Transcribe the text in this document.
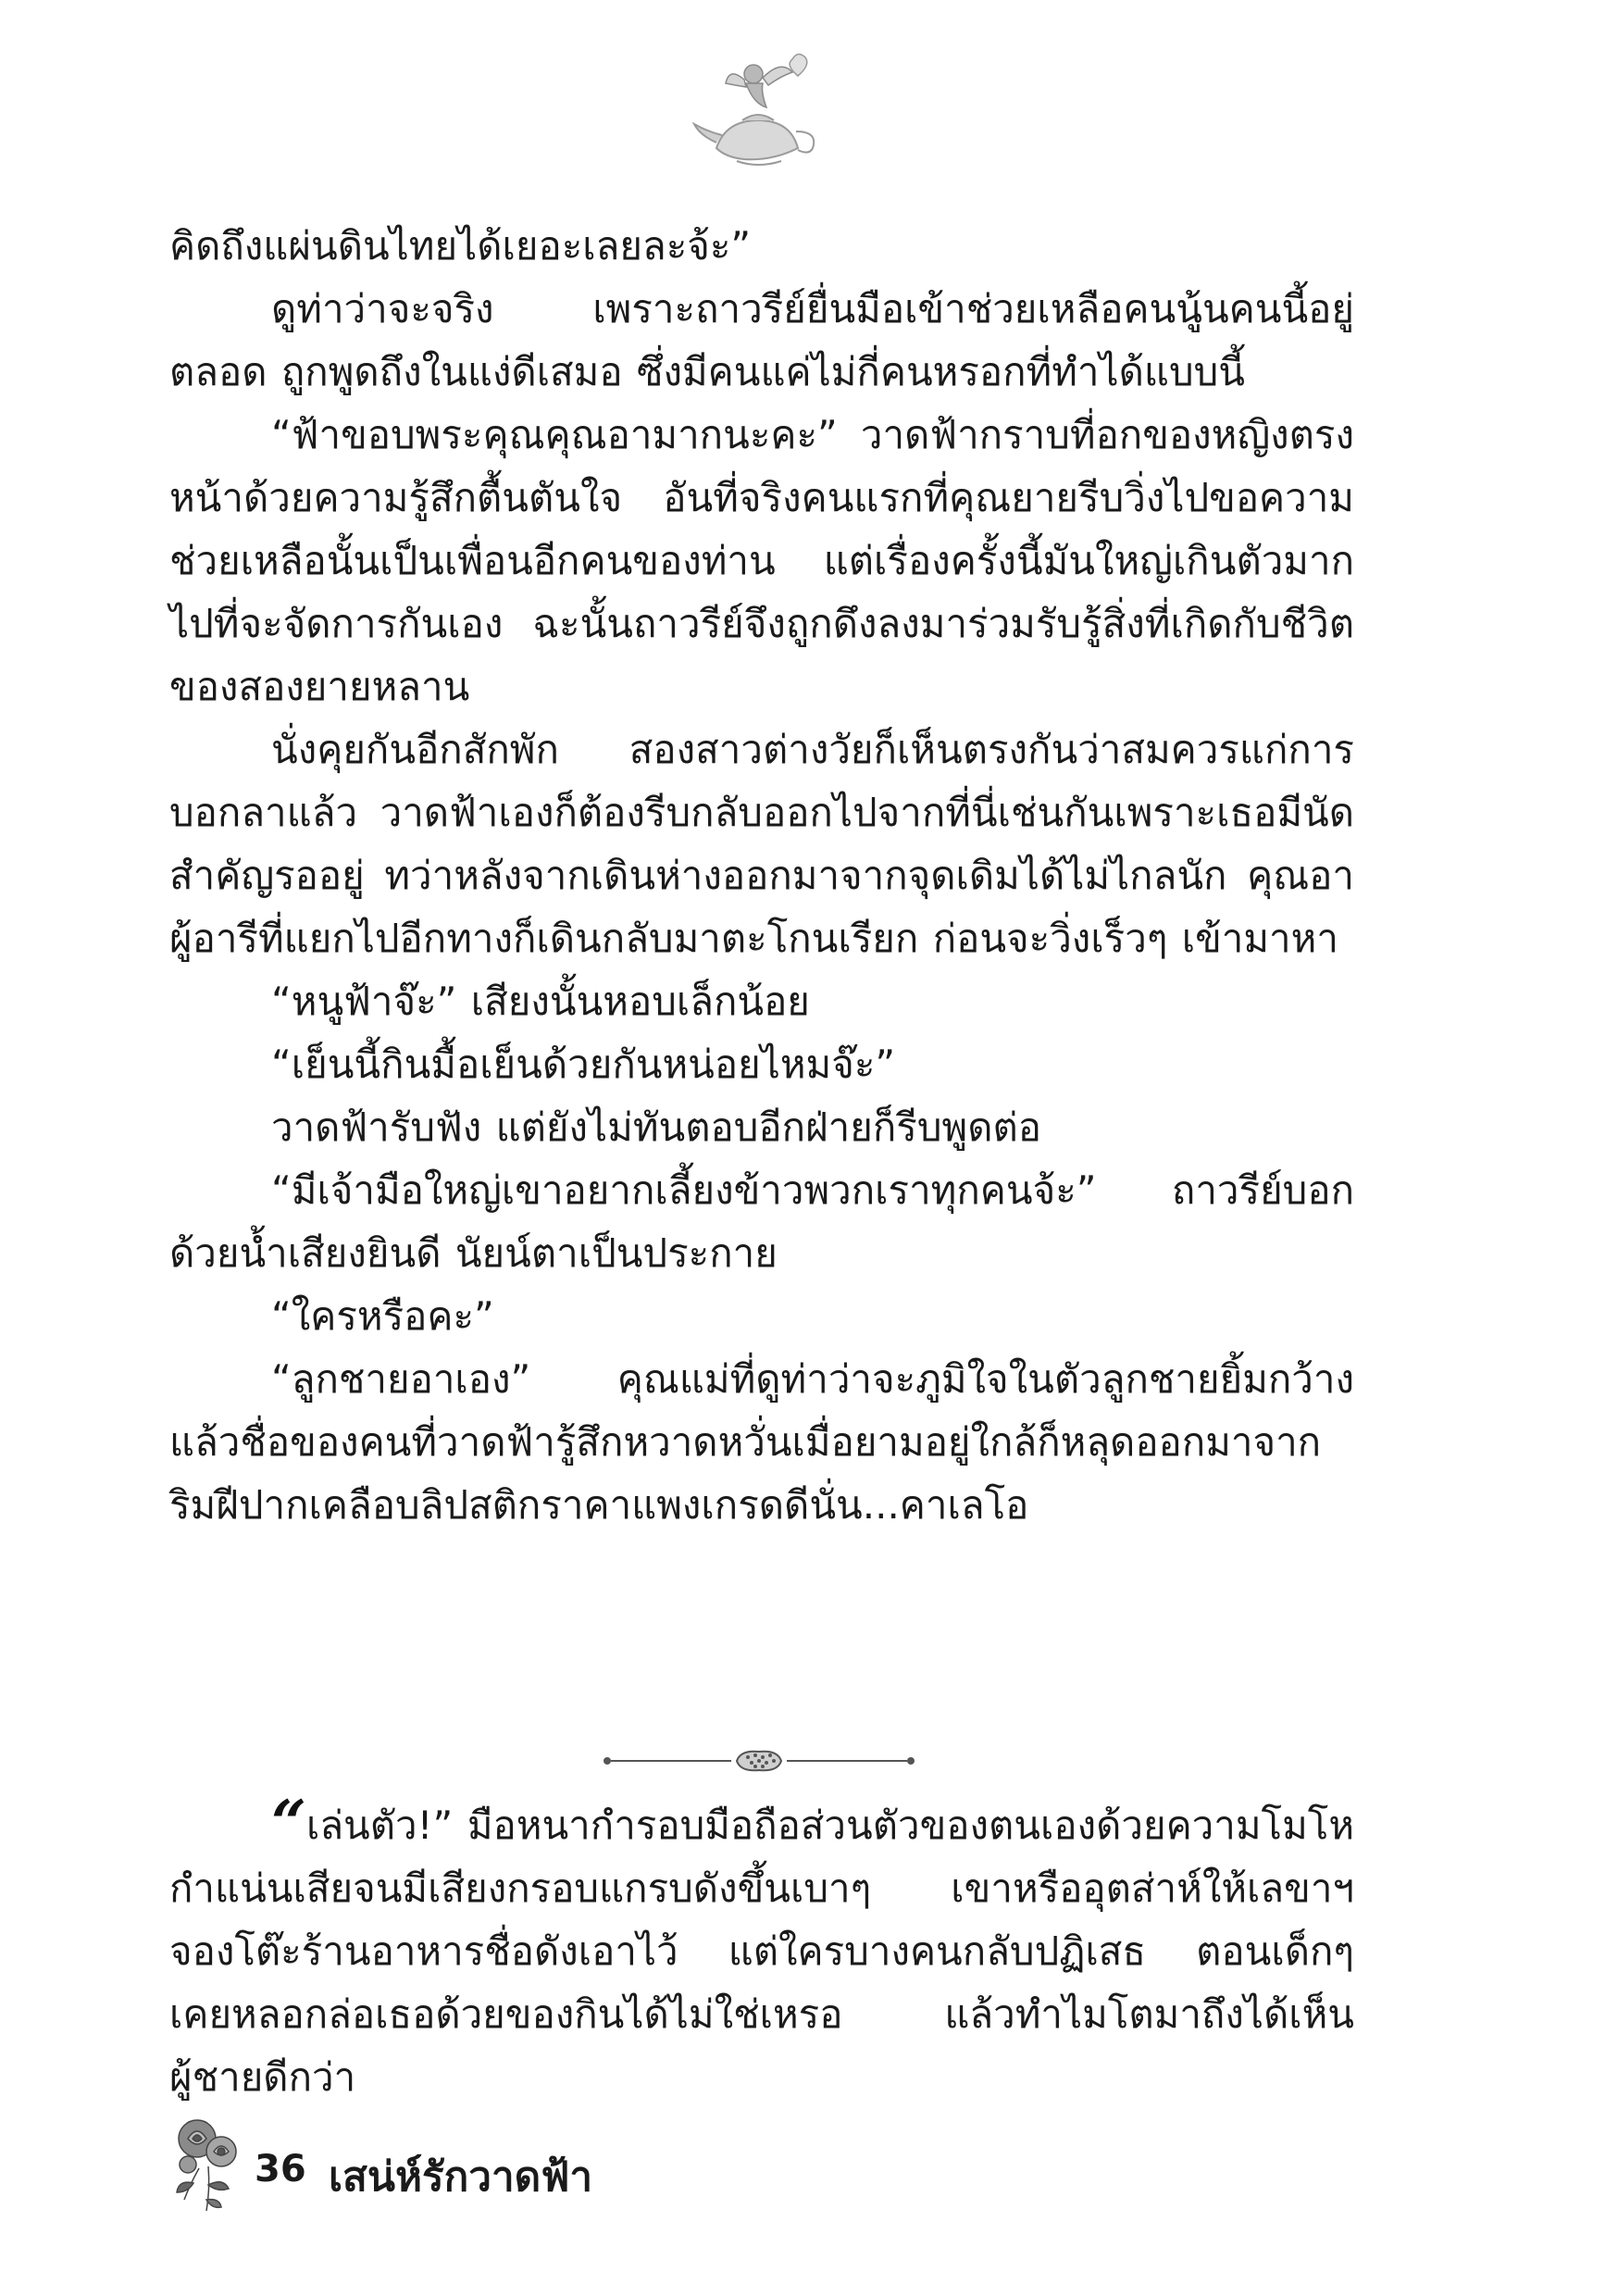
คิดถึงแผ่นดินไทยได้เยอะเลยละจ้ะ”

ดูท่าว่าจะจริง เพราะถาวรีย์ยื่นมือเข้าช่วยเหลือคนนู้นคนนี้อยู่ตลอด ถูกพูดถึงในแง่ดีเสมอ ซึ่งมีคนแค่ไม่กี่คนหรอกที่ทำได้แบบนี้

“ฟ้าขอบพระคุณคุณอามากนะคะ” วาดฟ้ากราบที่อกของหญิงตรงหน้าด้วยความรู้สึกตื้นตันใจ อันที่จริงคนแรกที่คุณยายรีบวิ่งไปขอความช่วยเหลือนั้นเป็นเพื่อนอีกคนของท่าน แต่เรื่องครั้งนี้มันใหญ่เกินตัวมากไปที่จะจัดการกันเอง ฉะนั้นถาวรีย์จึงถูกดึงลงมาร่วมรับรู้สิ่งที่เกิดกับชีวิตของสองยายหลาน

นั่งคุยกันอีกสักพัก สองสาวต่างวัยก็เห็นตรงกันว่าสมควรแก่การบอกลาแล้ว วาดฟ้าเองก็ต้องรีบกลับออกไปจากที่นี่เช่นกันเพราะเธอมีนัดสำคัญรออยู่ ทว่าหลังจากเดินห่างออกมาจากจุดเดิมได้ไม่ไกลนัก คุณอาผู้อารีที่แยกไปอีกทางก็เดินกลับมาตะโกนเรียก ก่อนจะวิ่งเร็วๆ เข้ามาหา

“หนูฟ้าจ๊ะ” เสียงนั้นหอบเล็กน้อย

“เย็นนี้กินมื้อเย็นด้วยกันหน่อยไหมจ๊ะ”

วาดฟ้ารับฟัง แต่ยังไม่ทันตอบอีกฝ่ายก็รีบพูดต่อ

“มีเจ้ามือใหญ่เขาอยากเลี้ยงข้าวพวกเราทุกคนจ้ะ” ถาวรีย์บอกด้วยน้ำเสียงยินดี นัยน์ตาเป็นประกาย

“ใครหรือคะ”

“ลูกชายอาเอง” คุณแม่ที่ดูท่าว่าจะภูมิใจในตัวลูกชายยิ้มกว้าง แล้วชื่อของคนที่วาดฟ้ารู้สึกหวาดหวั่นเมื่อยามอยู่ใกล้ก็หลุดออกมาจากริมฝีปากเคลือบลิปสติกราคาแพงเกรดดีนั่น...คาเลโอ

“เล่นตัว!” มือหนากำรอบมือถือส่วนตัวของตนเองด้วยความโมโหกำแน่นเสียจนมีเสียงกรอบแกรบดังขึ้นเบาๆ เขาหรืออุตส่าห์ให้เลขาฯ จองโต๊ะร้านอาหารชื่อดังเอาไว้ แต่ใครบางคนกลับปฏิเสธ ตอนเด็กๆ เคยหลอกล่อเธอด้วยของกินได้ไม่ใช่เหรอ แล้วทำไมโตมาถึงได้เห็นผู้ชายดีกว่า

36 เสน่ห์รักวาดฟ้า
